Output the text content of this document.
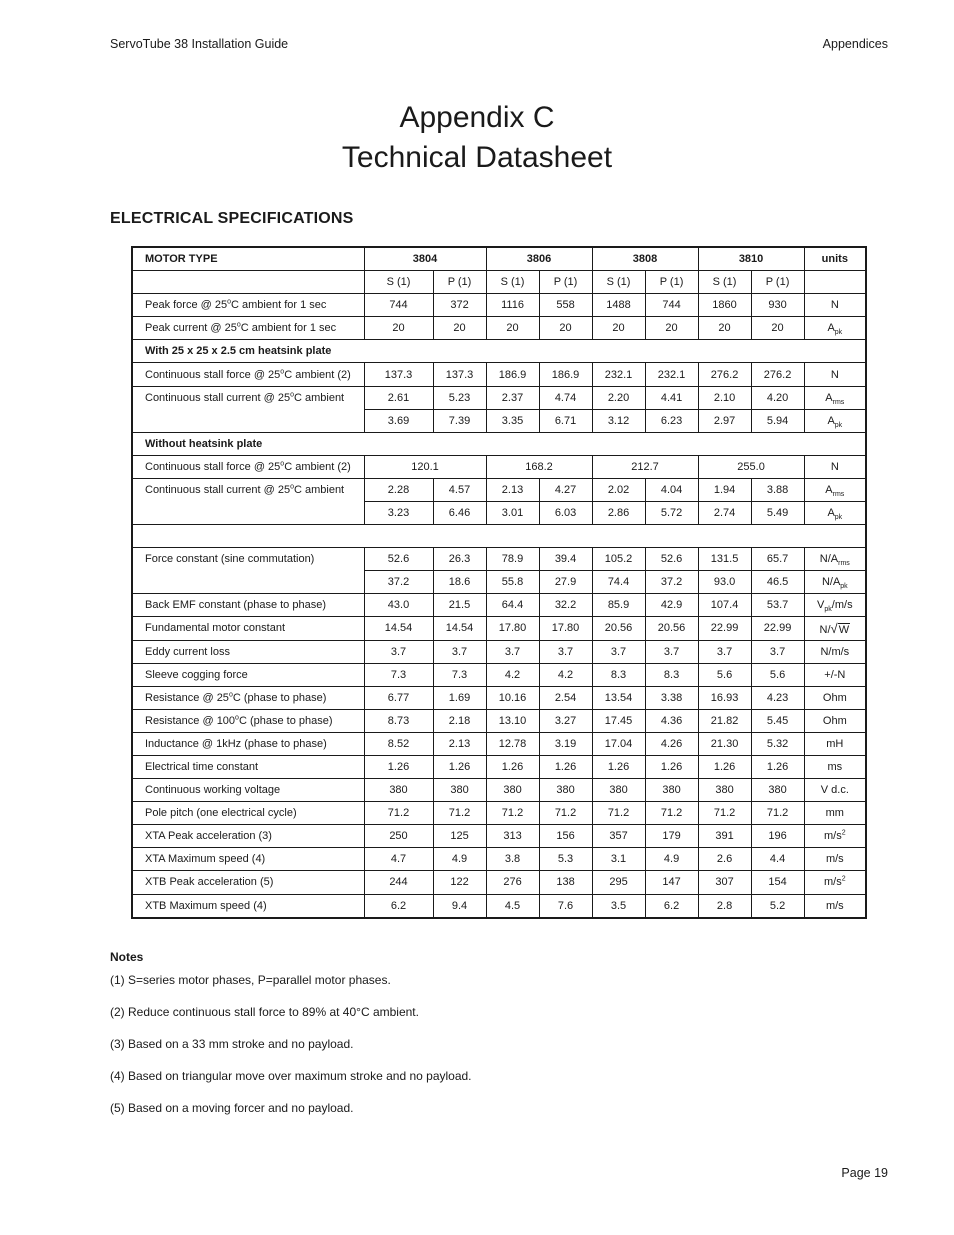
ServoTube 38 Installation Guide	Appendices
Appendix C
Technical Datasheet
ELECTRICAL SPECIFICATIONS
MOTOR TYPE	3804		3806		3808		3810		units
	S (1)	P (1)	S (1)	P (1)	S (1)	P (1)	S (1)	P (1)	
Peak force @ 25$^o$C ambient for 1 sec	744	372	1116	558	1488	744	1860	930	N
Peak current @ 25$^o$C ambient for 1 sec	20	20	20	20	20	20	20	20	$A_{pk}$
With 25 x 25 x 2.5 cm heatsink plate									
Continuous stall force @ 25$^o$C ambient (2)	137.3	137.3	186.9	186.9	232.1	232.1	276.2	276.2	N
Continuous stall current @ 25$^o$C ambient	2.61	5.23	2.37	4.74	2.20	4.41	2.10	4.20	$A_{rms}$
	3.69	7.39	3.35	6.71	3.12	6.23	2.97	5.94	$A_{pk}$
Without heatsink plate									
Continuous stall force @ 25$^o$C ambient (2)	120.1		168.2		212.7		255.0		N
Continuous stall current @ 25$^o$C ambient	2.28	4.57	2.13	4.27	2.02	4.04	1.94	3.88	$A_{rms}$
	3.23	6.46	3.01	6.03	2.86	5.72	2.74	5.49	$A_{pk}$

Force constant (sine commutation)	52.6	26.3	78.9	39.4	105.2	52.6	131.5	65.7	$N/A_{rms}$
	37.2	18.6	55.8	27.9	74.4	37.2	93.0	46.5	$N/A_{pk}$
Back EMF constant (phase to phase)	43.0	21.5	64.4	32.2	85.9	42.9	107.4	53.7	$V_{pk}/m/s$
Fundamental motor constant	14.54	14.54	17.80	17.80	20.56	20.56	22.99	22.99	N/√W
Eddy current loss	3.7	3.7	3.7	3.7	3.7	3.7	3.7	3.7	N/m/s
Sleeve cogging force	7.3	7.3	4.2	4.2	8.3	8.3	5.6	5.6	+/-N
Resistance @ 25$^o$C (phase to phase)	6.77	1.69	10.16	2.54	13.54	3.38	16.93	4.23	Ohm
Resistance @ 100$^o$C (phase to phase)	8.73	2.18	13.10	3.27	17.45	4.36	21.82	5.45	Ohm
Inductance @ 1kHz (phase to phase)	8.52	2.13	12.78	3.19	17.04	4.26	21.30	5.32	mH
Electrical time constant	1.26	1.26	1.26	1.26	1.26	1.26	1.26	1.26	ms
Continuous working voltage	380	380	380	380	380	380	380	380	V d.c.
Pole pitch (one electrical cycle)	71.2	71.2	71.2	71.2	71.2	71.2	71.2	71.2	mm
XTA Peak acceleration (3)	250	125	313	156	357	179	391	196	$m/s^2$
XTA Maximum speed (4)	4.7	4.9	3.8	5.3	3.1	4.9	2.6	4.4	m/s
XTB Peak acceleration (5)	244	122	276	138	295	147	307	154	$m/s^2$
XTB Maximum speed (4)	6.2	9.4	4.5	7.6	3.5	6.2	2.8	5.2	m/s
Notes
(1) S=series motor phases, P=parallel motor phases.
(2) Reduce continuous stall force to 89% at 40°C ambient.
(3) Based on a 33 mm stroke and no payload.
(4) Based on triangular move over maximum stroke and no payload.
(5) Based on a moving forcer and no payload.
Page 19
